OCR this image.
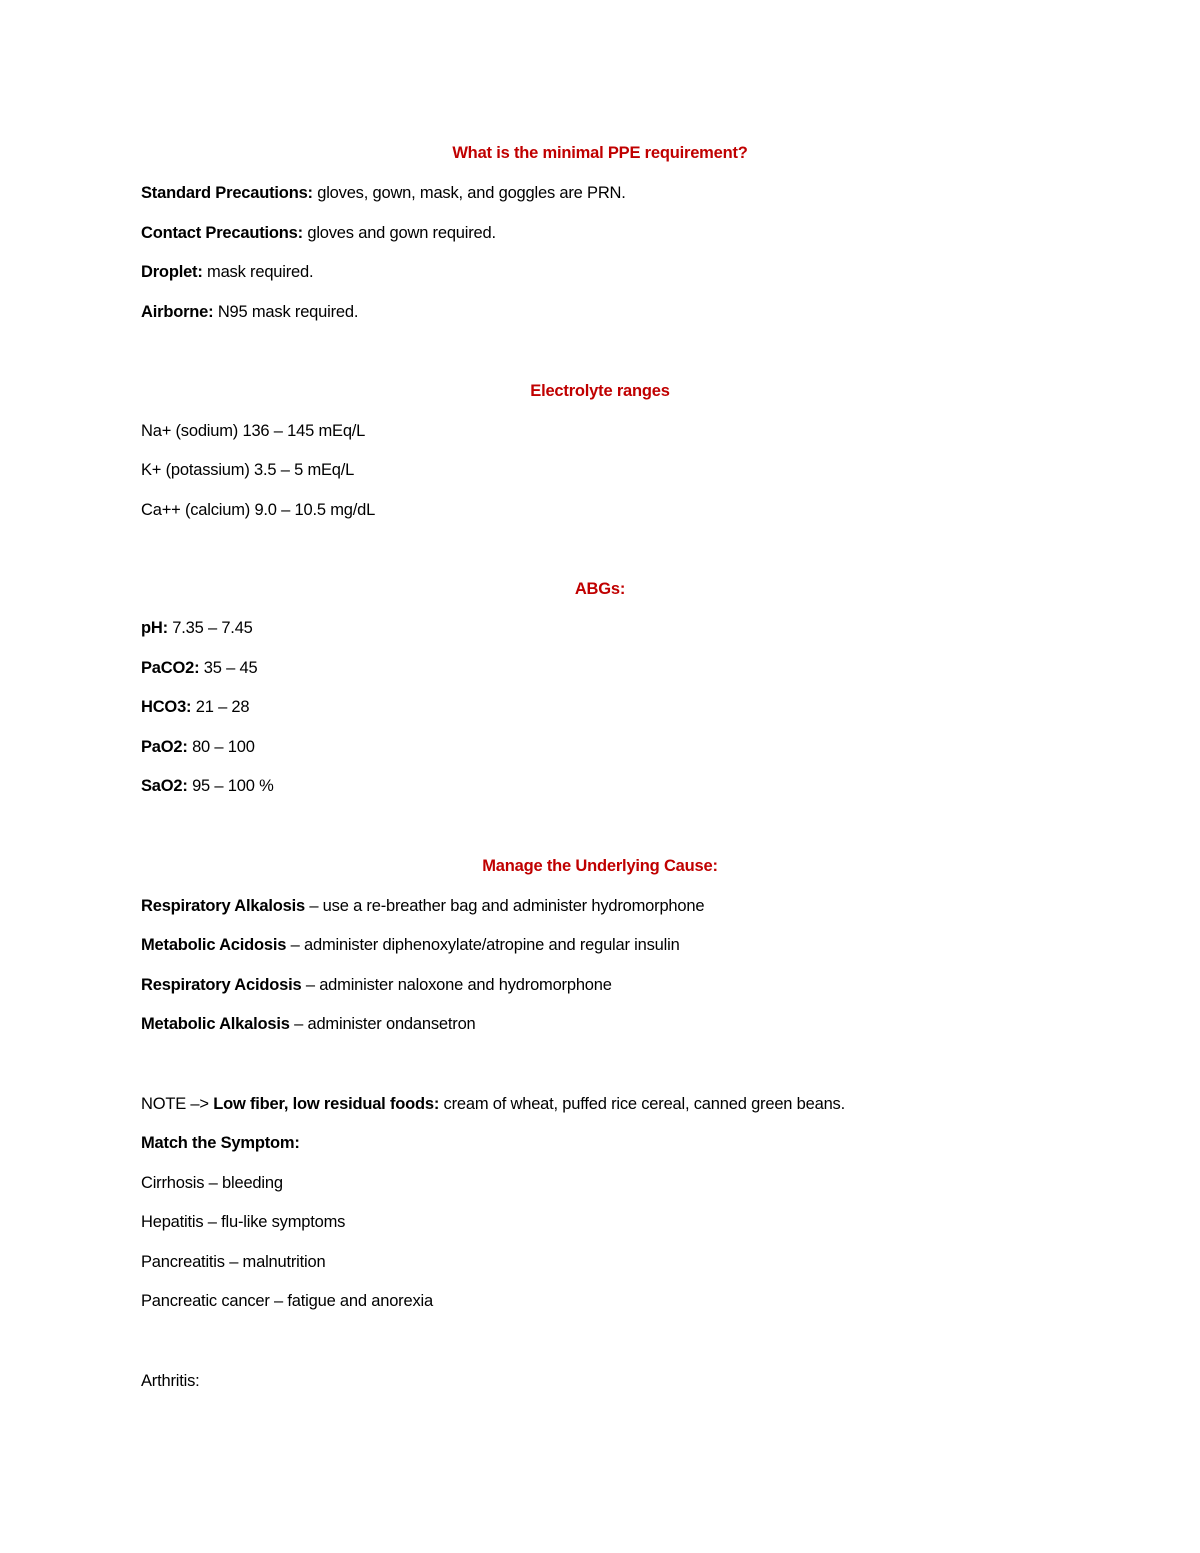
What is the minimal PPE requirement?
Standard Precautions: gloves, gown, mask, and goggles are PRN.
Contact Precautions: gloves and gown required.
Droplet: mask required.
Airborne: N95 mask required.
Electrolyte ranges
Na+ (sodium) 136 – 145 mEq/L
K+ (potassium) 3.5 – 5 mEq/L
Ca++ (calcium) 9.0 – 10.5 mg/dL
ABGs:
pH: 7.35 – 7.45
PaCO2: 35 – 45
HCO3: 21 – 28
PaO2: 80 – 100
SaO2: 95 – 100 %
Manage the Underlying Cause:
Respiratory Alkalosis – use a re-breather bag and administer hydromorphone
Metabolic Acidosis – administer diphenoxylate/atropine and regular insulin
Respiratory Acidosis – administer naloxone and hydromorphone
Metabolic Alkalosis – administer ondansetron
NOTE –> Low fiber, low residual foods: cream of wheat, puffed rice cereal, canned green beans.
Match the Symptom:
Cirrhosis – bleeding
Hepatitis – flu-like symptoms
Pancreatitis – malnutrition
Pancreatic cancer – fatigue and anorexia
Arthritis:
